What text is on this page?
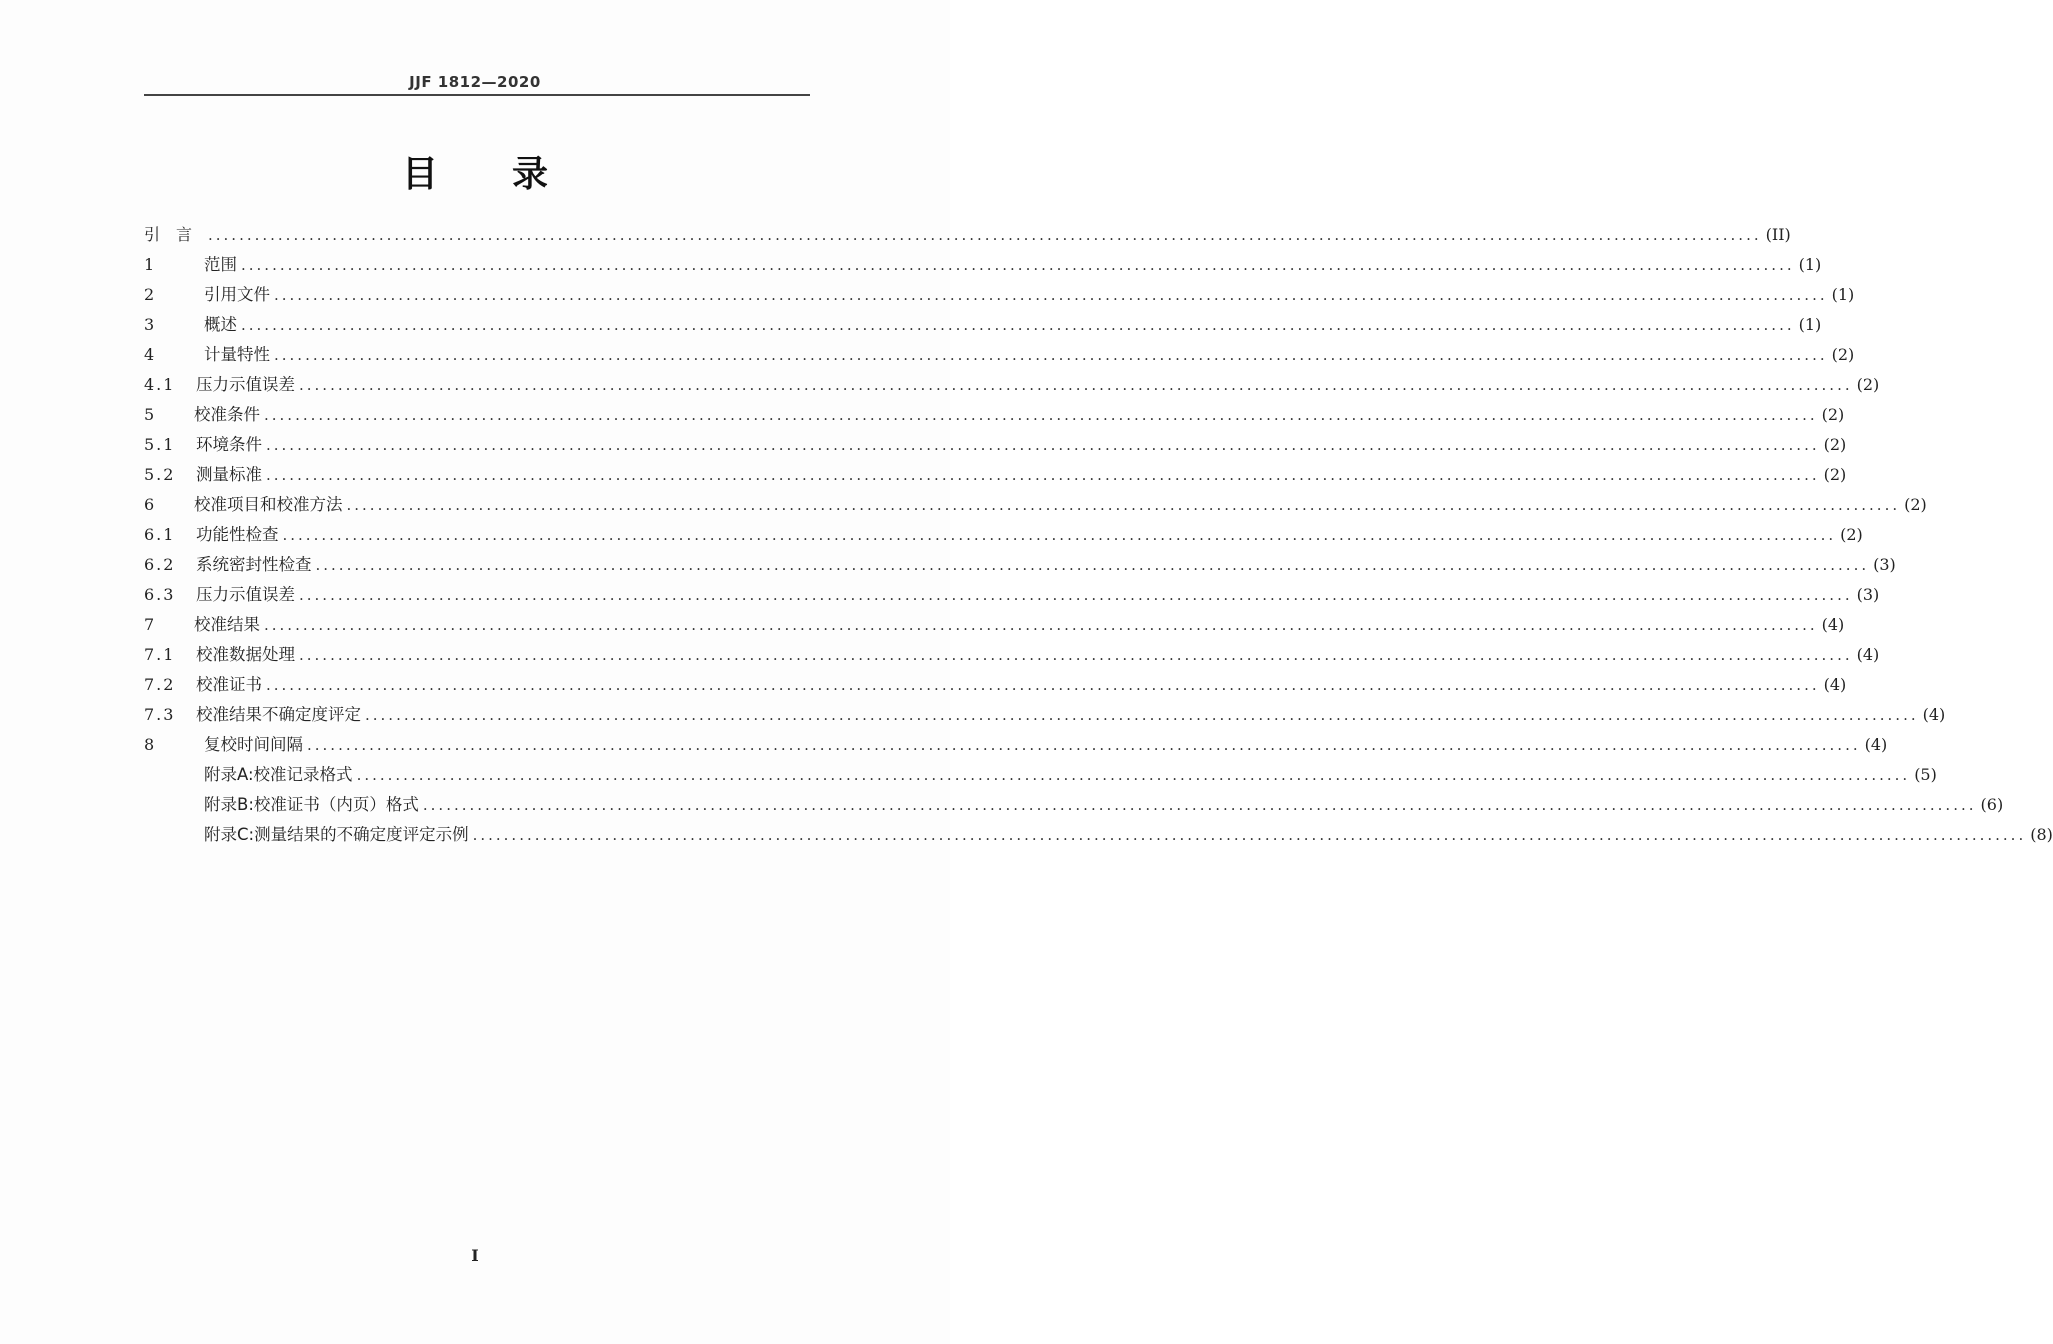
JJF 1812—2020
目 录
引　言	........................................................................................................................................................................................................ (II)
1	范围 ........................................................................................................................................................................................................ (1)
2	引用文件 ........................................................................................................................................................................................................ (1)
3	概述 ........................................................................................................................................................................................................ (1)
4	计量特性 ........................................................................................................................................................................................................ (2)
4.1	压力示值误差 ........................................................................................................................................................................................................ (2)
5	校准条件 ........................................................................................................................................................................................................ (2)
5.1	环境条件 ........................................................................................................................................................................................................ (2)
5.2	测量标准 ........................................................................................................................................................................................................ (2)
6	校准项目和校准方法 ........................................................................................................................................................................................................ (2)
6.1	功能性检查 ........................................................................................................................................................................................................ (2)
6.2	系统密封性检查 ........................................................................................................................................................................................................ (3)
6.3	压力示值误差 ........................................................................................................................................................................................................ (3)
7	校准结果 ........................................................................................................................................................................................................ (4)
7.1	校准数据处理 ........................................................................................................................................................................................................ (4)
7.2	校准证书 ........................................................................................................................................................................................................ (4)
7.3	校准结果不确定度评定 ........................................................................................................................................................................................................ (4)
8	复校时间间隔 ........................................................................................................................................................................................................ (4)
附录A:校准记录格式 ........................................................................................................................................................................................................ (5)
附录B:校准证书（内页）格式 ........................................................................................................................................................................................................ (6)
附录C:测量结果的不确定度评定示例 ........................................................................................................................................................................................................ (8)
I
